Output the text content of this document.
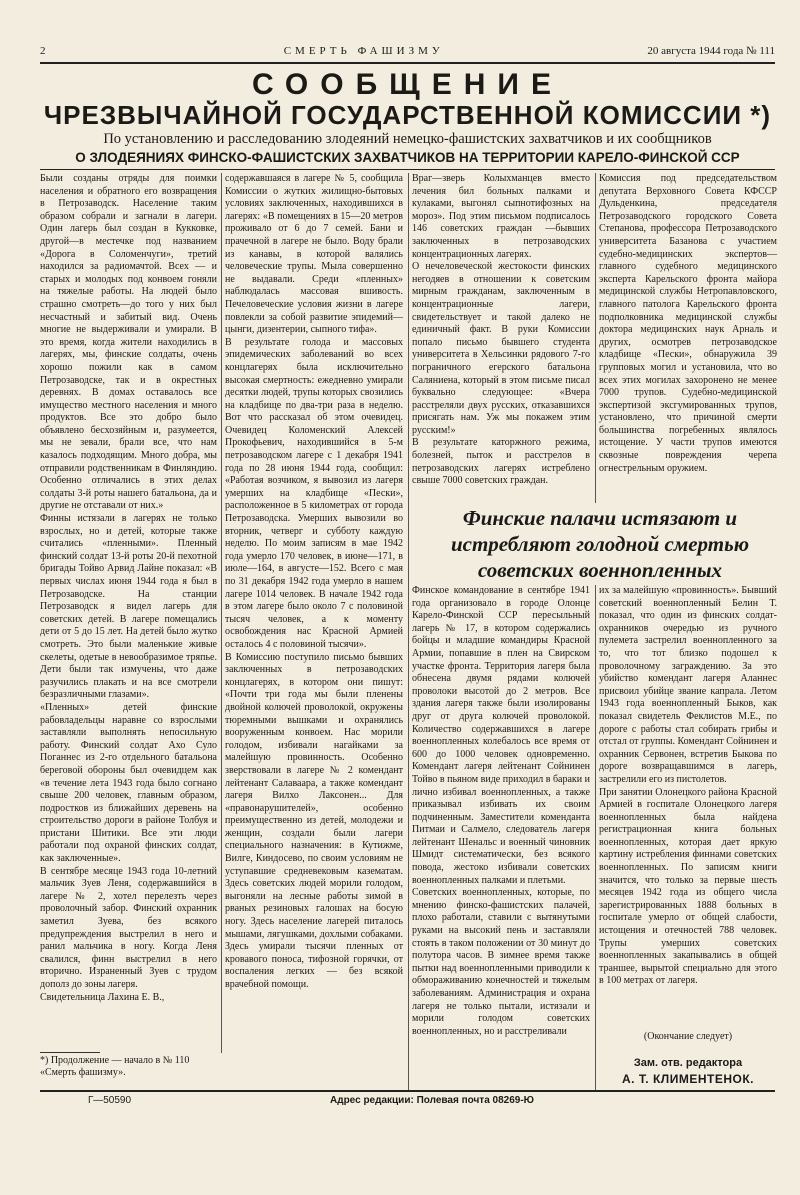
2	СМЕРТЬ ФАШИЗМУ	20 августа 1944 года № 111
СООБЩЕНИЕ
ЧРЕЗВЫЧАЙНОЙ ГОСУДАРСТВЕННОЙ КОМИССИИ *)
По установлению и расследованию злодеяний немецко-фашистских захватчиков и их сообщников
О ЗЛОДЕЯНИЯХ ФИНСКО-ФАШИСТСКИХ ЗАХВАТЧИКОВ НА ТЕРРИТОРИИ КАРЕЛО-ФИНСКОЙ ССР
Были созданы отряды для поимки населения и обратного его возвращения в Петрозаводск. Население таким образом собрали и загнали в лагери. Один лагерь был создан в Кукковке, другой—в местечке под названием «Дорога в Соломенчуги», третий находился за радиомачтой. Всех — и старых и молодых под конвоем гоняли на тяжелые работы. На людей было страшно смотреть—до того у них был несчастный и забитый вид. Очень многие не выдерживали и умирали. В это время, когда жители находились в лагерях, мы, финские солдаты, очень хорошо пожили как в самом Петрозаводске, так и в окрестных деревнях. В домах оставалось все имущество местного населения и много продуктов. Все это добро было объявлено бесхозяйным и, разумеется, мы не зевали, брали все, что нам казалось подходящим. Много добра, мы отправили родственникам в Финляндию. Особенно отличались в этих делах солдаты 3-й роты нашего батальона, да и другие не отставали от них.»
Финны истязали в лагерях не только взрослых, но и детей, которые также считались «пленными». Пленный финский солдат 13-й роты 20-й пехотной бригады Тойво Арвид Лайне показал: «В первых числах июня 1944 года я был в Петрозаводске. На станции Петрозаводск я видел лагерь для советских детей. В лагере помещались дети от 5 до 15 лет. На детей было жутко смотреть. Это были маленькие живые скелеты, одетые в невообразимое тряпье. Дети были так измучены, что даже разучились плакать и на все смотрели безразличными глазами».
«Пленных» детей финские рабовладельцы наравне со взрослыми заставляли выполнять непосильную работу. Финский солдат Ахо Суло Поганнес из 2-го отдельного батальона береговой обороны был очевидцем как «в течение лета 1943 года было согнано свыше 200 человек, главным образом, подростков из ближайших деревень на строительство дороги в районе Толбуя и пристани Шитики. Все эти люди работали под охраной финских солдат, как заключенные».
В сентябре месяце 1943 года 10-летний мальчик Зуев Леня, содержавшийся в лагере № 2, хотел перелезть через проволочный забор. Финский охранник заметил Зуева, без всякого предупреждения выстрелил в него и ранил мальчика в ногу. Когда Леня свалился, финн выстрелил в него вторично. Израненный Зуев с трудом дополз до зоны лагеря.
Свидетельница Лахина Е. В.,
содержавшаяся в лагере № 5, сообщила Комиссии о жутких жилищно-бытовых условиях заключенных, находившихся в лагерях: «В помещениях в 15—20 метров проживало от 6 до 7 семей. Бани и прачечной в лагере не было. Воду брали из канавы, в которой валялись человеческие трупы. Мыла совершенно не выдавали. Среди «пленных» наблюдалась массовая вшивость. Печеловеческие условия жизни в лагере повлекли за собой развитие эпидемий—цынги, дизентерии, сыпного тифа».
В результате голода и массовых эпидемических заболеваний во всех концлагерях была исключительно высокая смертность: ежедневно умирали десятки людей, трупы которых свозились на кладбище по два-три раза в неделю. Вот что рассказал об этом очевидец. Очевидец Коломенский Алексей Прокофьевич, находившийся в 5-м петрозаводском лагере с 1 декабря 1941 года по 28 июня 1944 года, сообщил: «Работая возчиком, я вывозил из лагеря умерших на кладбище «Пески», расположенное в 5 километрах от города Петрозаводска. Умерших вывозили во вторник, четверг и субботу каждую неделю. По моим записям в мае 1942 года умерло 170 человек, в июне—171, в июле—164, в августе—152. Всего с мая по 31 декабря 1942 года умерло в нашем лагере 1014 человек. В начале 1942 года в этом лагере было около 7 с половиной тысяч человек, а к моменту освобождения нас Красной Армией осталось 4 с половиной тысячи».
В Комиссию поступило письмо бывших заключенных в петрозаводских концлагерях, в котором они пишут: «Почти три года мы были пленены двойной колючей проволокой, окружены тюремными вышками и охранялись вооруженным конвоем. Нас морили голодом, избивали нагайками за малейшую провинность. Особенно зверствовали в лагере № 2 комендант лейтенант Салаваара, а также комендант лагеря Вилхо Лаксонен... Для «правонарушителей», особенно преимущественно из детей, молодежи и женщин, создали были лагери специального назначения: в Кутижме, Вилге, Киндосево, по своим условиям не уступавшие средневековым казематам. Здесь советских людей морили голодом, выгоняли на лесные работы зимой в рваных резиновых галошах на босую ногу. Здесь население лагерей питалось мышами, лягушками, дохлыми собаками. Здесь умирали тысячи пленных от кровавого поноса, тифозной горячки, от воспаления легких — без всякой врачебной помощи.
Враг—зверь Колыхманцев вместо лечения бил больных палками и кулаками, выгонял сыпнотифозных на мороз». Под этим письмом подписалось 146 советских граждан —бывших заключенных в петрозаводских концентрационных лагерях.
О нечеловеческой жестокости финских негодяев в отношении к советским мирным гражданам, заключенным в концентрационные лагери, свидетельствует и такой далеко не единичный факт. В руки Комиссии попало письмо бывшего студента университета в Хельсинки рядового 7-го пограничного егерского батальона Саляниена, который в этом письме писал буквально следующее: «Вчера расстреляли двух русских, отказавшихся присягать нам. Уж мы покажем этим русским!»
В результате каторжного режима, болезней, пыток и расстрелов в петрозаводских лагерях истреблено свыше 7000 советских граждан.
Комиссия под председательством депутата Верховного Совета КФССР Дульденкина, председателя Петрозаводского городского Совета Степанова, профессора Петрозаводского университета Базанова с участием судебно-медицинских экспертов—главного судебного медицинского эксперта Карельского фронта майора медицинской службы Нетропавловского, главного патолога Карельского фронта подполковника медицинской службы доктора медицинских наук Арналь и других, осмотрев петрозаводское кладбище «Пески», обнаружила 39 групповых могил и установила, что во всех этих могилах захоронено не менее 7000 трупов. Судебно-медицинской экспертизой эксгумированных трупов, установлено, что причиной смерти большинства погребенных являлось истощение. У части трупов имеются сквозные повреждения черепа огнестрельным оружием.
Финские палачи истязают и истребляют голодной смертью советских военнопленных
Финское командование в сентябре 1941 года организовало в городе Олонце Карело-Финской ССР пересыльный лагерь № 17, в котором содержались бойцы и младшие командиры Красной Армии, попавшие в плен на Свирском участке фронта. Территория лагеря была обнесена двумя рядами колючей проволоки высотой до 2 метров. Все здания лагеря также были изолированы друг от друга колючей проволокой. Количество содержавшихся в лагере военнопленных колебалось все время от 600 до 1000 человек одновременно. Комендант лагеря лейтенант Сойнинен Тойво в пьяном виде приходил в бараки и лично избивал военнопленных, а также приказывал избивать их своим подчиненным. Заместители коменданта Питмаи и Салмело, следователь лагеря лейтенант Шенальс и военный чиновник Шмидт систематически, без всякого повода, жестоко избивали советских военнопленных палками и плетьми.
Советских военнопленных, которые, по мнению финско-фашистских палачей, плохо работали, ставили с вытянутыми руками на высокий пень и заставляли стоять в таком положении от 30 минут до полутора часов. В зимнее время также пытки над военнопленными приводили к обмораживанию конечностей и тяжелым заболеваниям. Администрация и охрана лагеря не только пытали, истязали и морили голодом советских военнопленных, но и расстреливали
их за малейшую «провинность». Бывший советский военнопленный Белин Т. показал, что один из финских солдат-охранников очередью из ручного пулемета застрелил военнопленного за то, что тот близко подошел к проволочному заграждению. За это убийство комендант лагеря Аланнес присвоил убийце звание капрала. Летом 1943 года военнопленный Быков, как показал свидетель Феклистов М.Е., по дороге с работы стал собирать грибы и отстал от группы. Комендант Сойнинен и охранник Сервонен, встретив Быкова по дороге возвращавшимся в лагерь, застрелили его из пистолетов.
При занятии Олонецкого района Красной Армией в госпитале Олонецкого лагеря военнопленных была найдена регистрационная книга больных военнопленных, которая дает яркую картину истребления финнами советских военнопленных. По записям книги значится, что только за первые шесть месяцев 1942 года из общего числа зарегистрированных 1888 больных в госпитале умерло от общей слабости, истощения и отечностей 788 человек. Трупы умерших советских военнопленных закапывались в общей траншее, вырытой специально для этого в 100 метрах от лагеря.
*) Продолжение — начало в № 110 «Смерть фашизму».
(Окончание следует)
Зам. отв. редактора
А. Т. КЛИМЕНТЕНОК.
Г—50590	Адрес редакции: Полевая почта 08269-Ю
